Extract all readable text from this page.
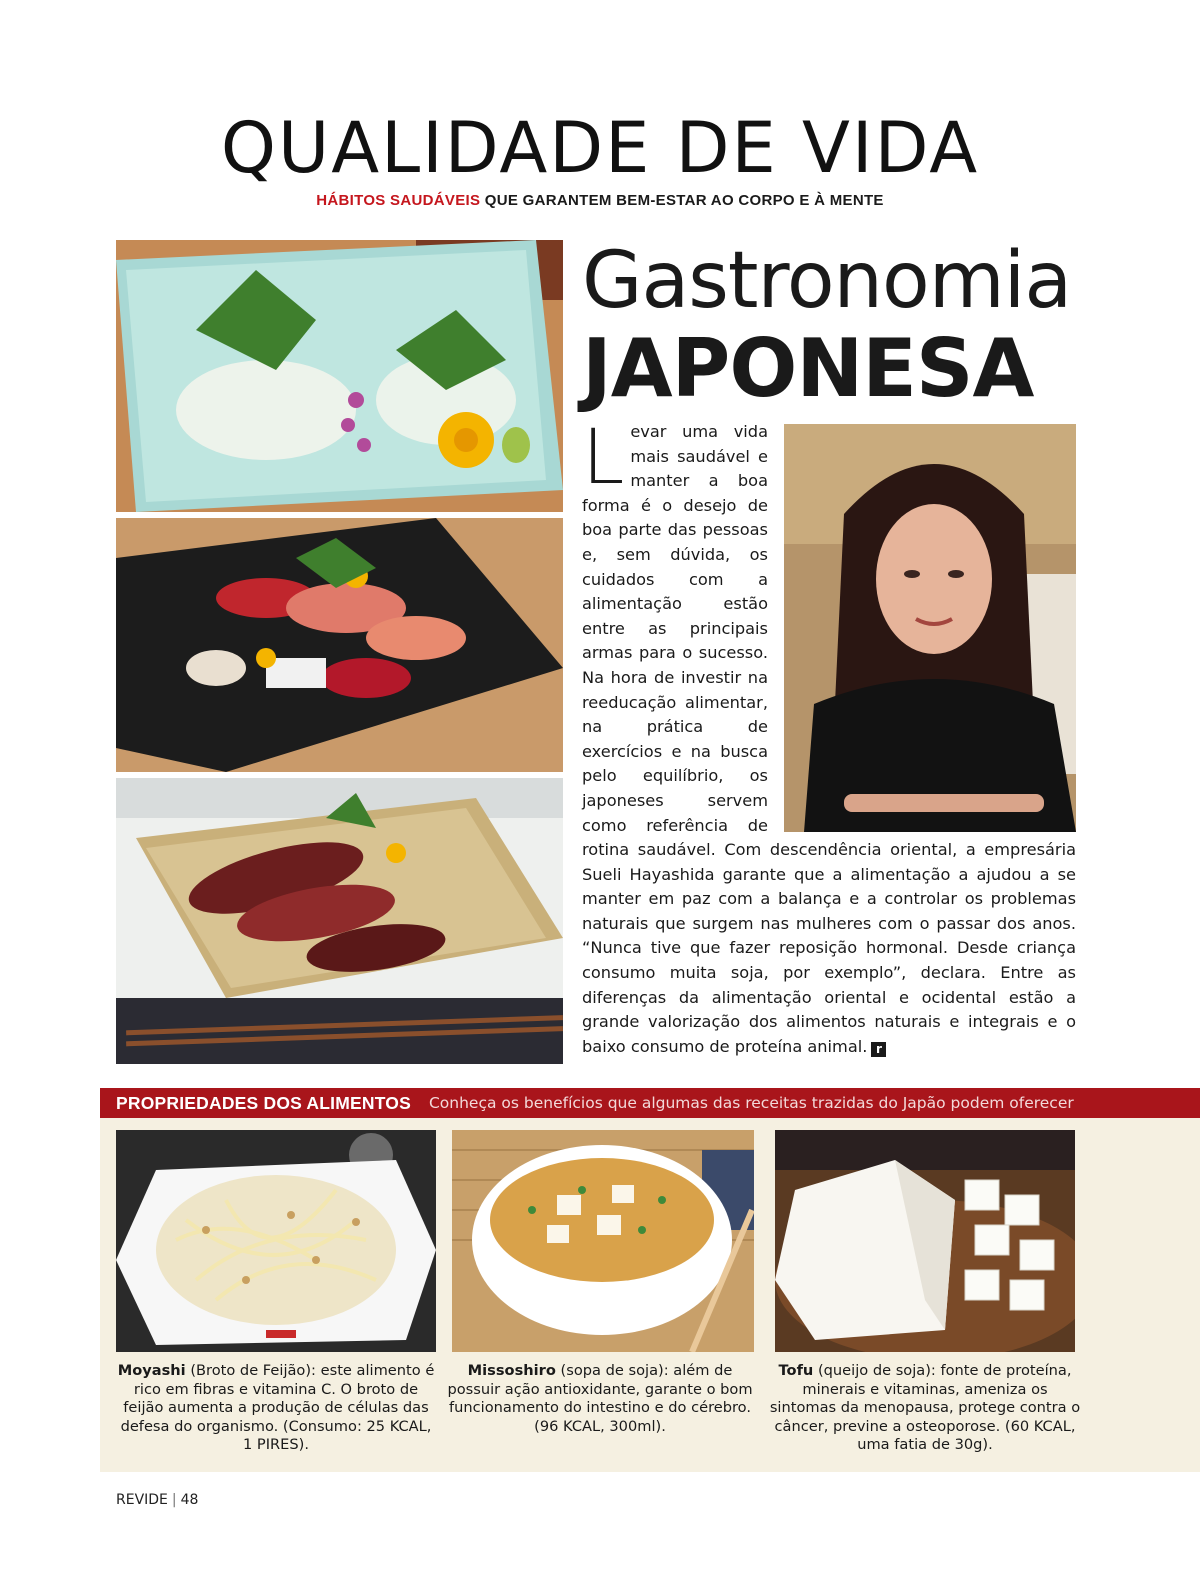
QUALIDADE DE VIDA
HÁBITOS SAUDÁVEIS QUE GARANTEM BEM-ESTAR AO CORPO E À MENTE
Gastronomia
JAPONESA
Levar uma vida mais saudável e manter a boa forma é o desejo de boa parte das pessoas e, sem dúvida, os cuidados com a alimentação estão entre as principais armas para o sucesso. Na hora de investir na reeducação alimentar, na prática de exercícios e na busca pelo equilíbrio, os japoneses servem como referência de rotina saudável. Com descendência oriental, a empresária Sueli Hayashida garante que a alimentação a ajudou a se manter em paz com a balança e a controlar os problemas naturais que surgem nas mulheres com o passar dos anos. “Nunca tive que fazer reposição hormonal. Desde criança consumo muita soja, por exemplo”, declara. Entre as diferenças da alimentação oriental e ocidental estão a grande valorização dos alimentos naturais e integrais e o baixo consumo de proteína animal. r
PROPRIEDADES DOS ALIMENTOS Conheça os benefícios que algumas das receitas trazidas do Japão podem oferecer
Moyashi (Broto de Feijão): este alimento é rico em fibras e vitamina C. O broto de feijão aumenta a produção de células das defesa do organismo. (Consumo: 25 KCAL, 1 PIRES).
Missoshiro (sopa de soja): além de possuir ação antioxidante, garante o bom funcionamento do intestino e do cérebro. (96 KCAL, 300ml).
Tofu (queijo de soja): fonte de proteína, minerais e vitaminas, ameniza os sintomas da menopausa, protege contra o câncer, previne a osteoporose. (60 KCAL, uma fatia de 30g).
REVIDE | 48
